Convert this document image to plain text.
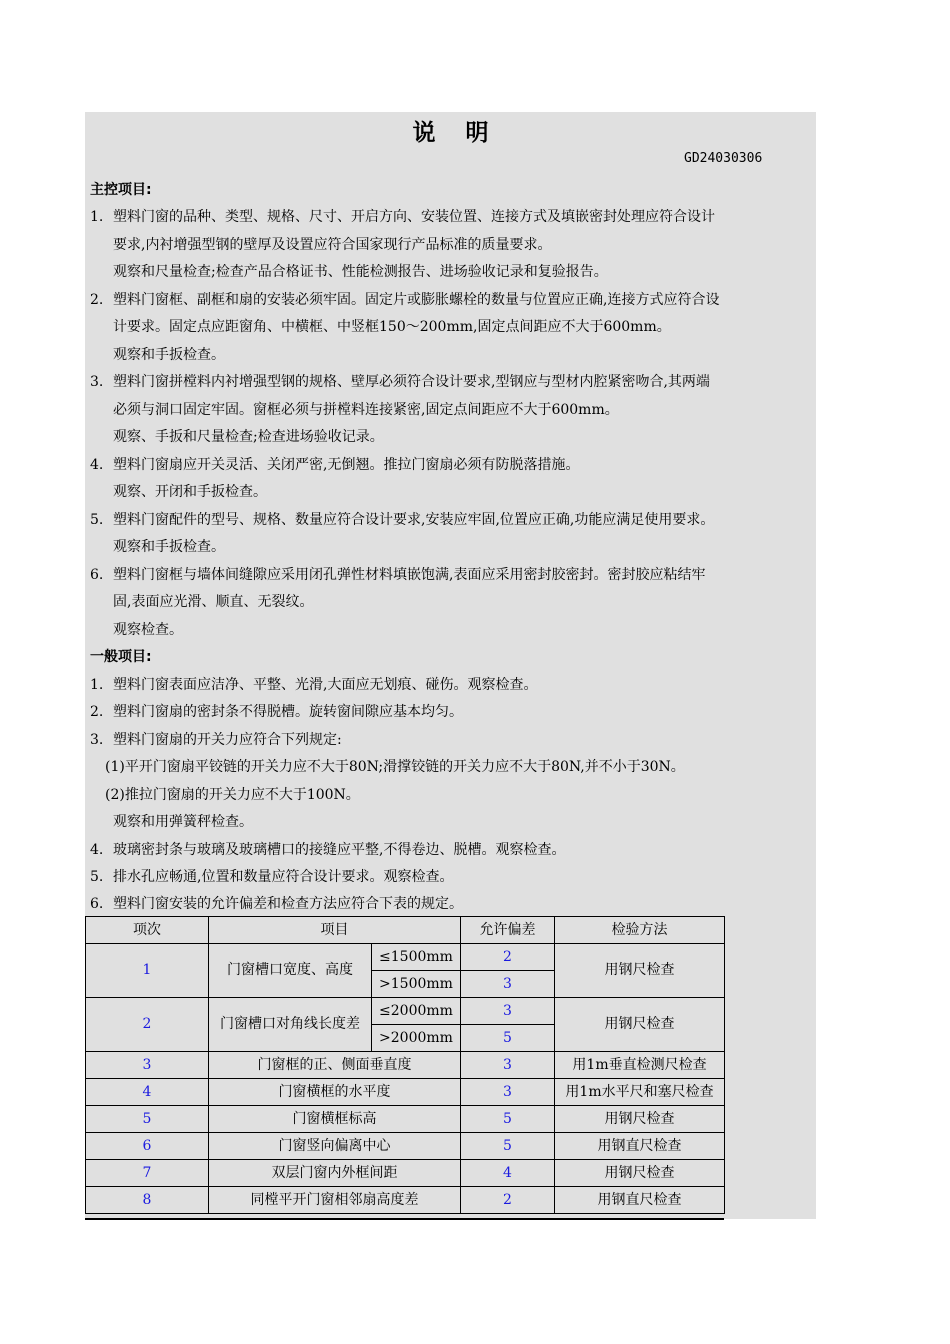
说明
GD24030306
主控项目:
1. 塑料门窗的品种、类型、规格、尺寸、开启方向、安装位置、连接方式及填嵌密封处理应符合设计
要求,内衬增强型钢的壁厚及设置应符合国家现行产品标准的质量要求。
观察和尺量检查;检查产品合格证书、性能检测报告、进场验收记录和复验报告。
2. 塑料门窗框、副框和扇的安装必须牢固。固定片或膨胀螺栓的数量与位置应正确,连接方式应符合设
计要求。固定点应距窗角、中横框、中竖框150～200mm,固定点间距应不大于600mm。
观察和手扳检查。
3. 塑料门窗拼樘料内衬增强型钢的规格、壁厚必须符合设计要求,型钢应与型材内腔紧密吻合,其两端
必须与洞口固定牢固。窗框必须与拼樘料连接紧密,固定点间距应不大于600mm。
观察、手扳和尺量检查;检查进场验收记录。
4. 塑料门窗扇应开关灵活、关闭严密,无倒翘。推拉门窗扇必须有防脱落措施。
观察、开闭和手扳检查。
5. 塑料门窗配件的型号、规格、数量应符合设计要求,安装应牢固,位置应正确,功能应满足使用要求。
观察和手扳检查。
6. 塑料门窗框与墙体间缝隙应采用闭孔弹性材料填嵌饱满,表面应采用密封胶密封。密封胶应粘结牢
固,表面应光滑、顺直、无裂纹。
观察检查。
一般项目:
1. 塑料门窗表面应洁净、平整、光滑,大面应无划痕、碰伤。观察检查。
2. 塑料门窗扇的密封条不得脱槽。旋转窗间隙应基本均匀。
3. 塑料门窗扇的开关力应符合下列规定:
(1)平开门窗扇平铰链的开关力应不大于80N;滑撑铰链的开关力应不大于80N,并不小于30N。
(2)推拉门窗扇的开关力应不大于100N。
观察和用弹簧秤检查。
4. 玻璃密封条与玻璃及玻璃槽口的接缝应平整,不得卷边、脱槽。观察检查。
5. 排水孔应畅通,位置和数量应符合设计要求。观察检查。
6. 塑料门窗安装的允许偏差和检查方法应符合下表的规定。
项次	项目		允许偏差	检验方法
1	门窗槽口宽度、高度	≤1500mm	2	用钢尺检查
		>1500mm	3	
2	门窗槽口对角线长度差	≤2000mm	3	用钢尺检查
		>2000mm	5	
3	门窗框的正、侧面垂直度		3	用1m垂直检测尺检查
4	门窗横框的水平度		3	用1m水平尺和塞尺检查
5	门窗横框标高		5	用钢尺检查
6	门窗竖向偏离中心		5	用钢直尺检查
7	双层门窗内外框间距		4	用钢尺检查
8	同樘平开门窗相邻扇高度差		2	用钢直尺检查
